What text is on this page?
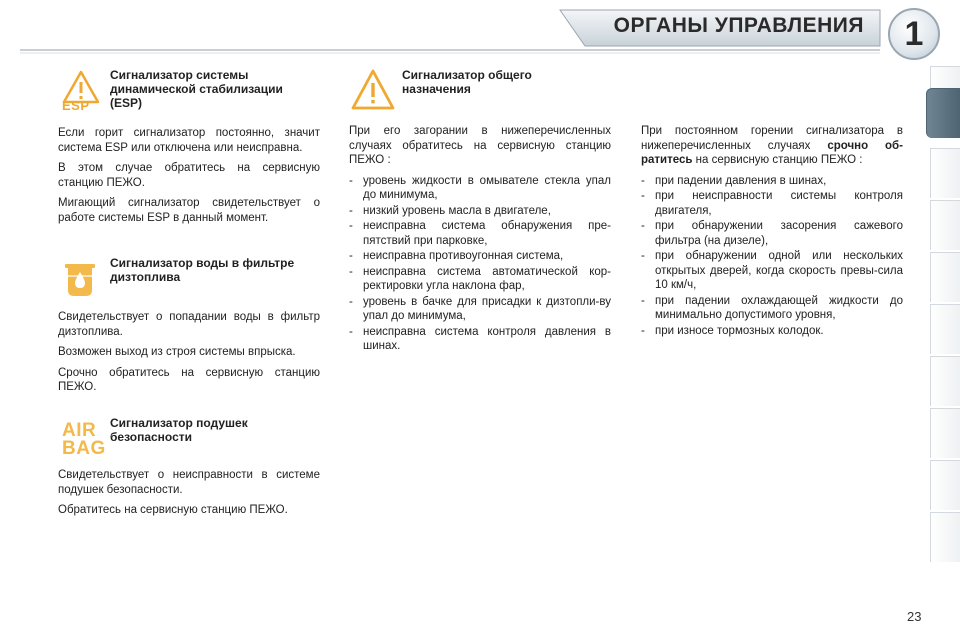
ОРГАНЫ УПРАВЛЕНИЯ	1
ESP
Сигнализатор системы динамической стабилизации (ESP)

Если горит сигнализатор постоянно, значит система ESP или отключена или неисправна.

В этом случае обратитесь на сервисную станцию ПЕЖО.

Мигающий сигнализатор свидетельствует о работе системы ESP в данный момент.

Сигнализатор воды в фильтре дизтоплива

Свидетельствует о попадании воды в фильтр дизтоплива.

Возможен выход из строя системы впрыска.

Срочно обратитесь на сервисную станцию ПЕЖО.

AIR
BAG
Сигнализатор подушек безопасности

Свидетельствует о неисправности в системе подушек безопасности.

Обратитесь на сервисную станцию ПЕЖО.

Сигнализатор общего назначения

При его загорании в нижеперечисленных случаях обратитесь на сервисную станцию ПЕЖО :

- уровень жидкости в омывателе стекла упал до минимума,
- низкий уровень масла в двигателе,
- неисправна система обнаружения пре-пятствий при парковке,
- неисправна противоугонная система,
- неисправна система автоматической кор-ректировки угла наклона фар,
- уровень в бачке для присадки к дизтопли-ву упал до минимума,
- неисправна система контроля давления в шинах.

При постоянном горении сигнализатора в нижеперечисленных случаях срочно об-ратитесь на сервисную станцию ПЕЖО :

- при падении давления в шинах,
- при неисправности системы контроля двигателя,
- при обнаружении засорения сажевого фильтра (на дизеле),
- при обнаружении одной или нескольких открытых дверей, когда скорость превы-сила 10 км/ч,
- при падении охлаждающей жидкости до минимально допустимого уровня,
- при износе тормозных колодок.
23
